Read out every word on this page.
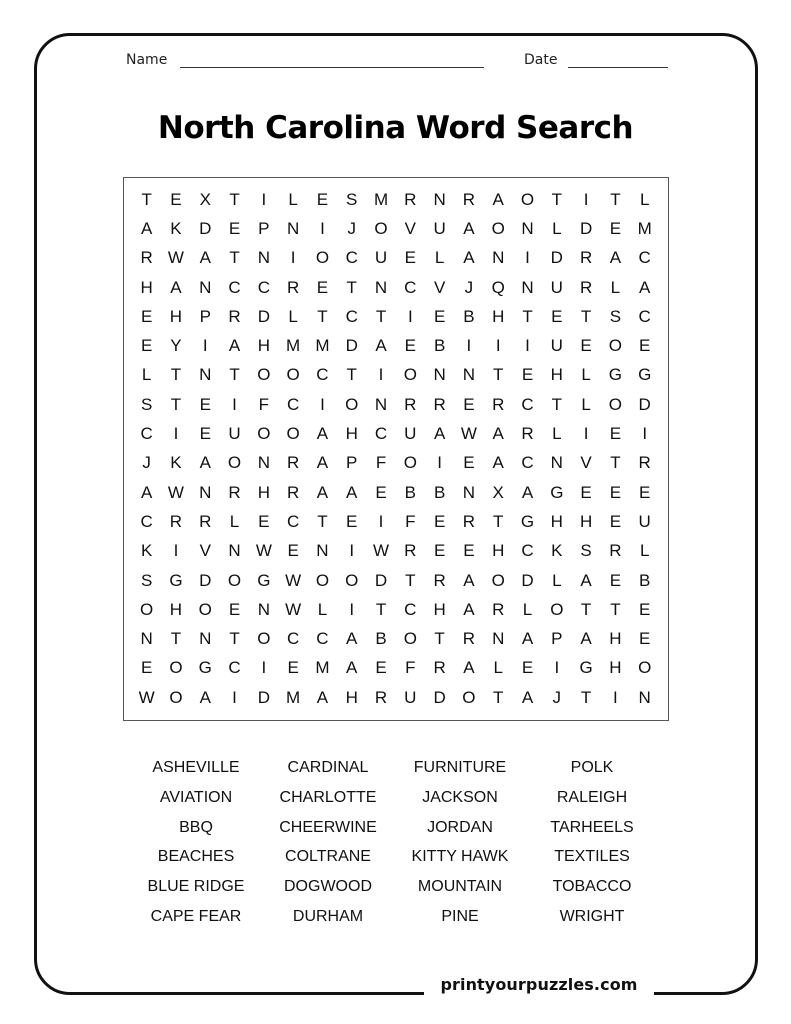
printyourpuzzles.com
Name	Date
North Carolina Word Search
T	E	X	T	I	L	E	S M R	N	R	A	O	T	I	T	L
A	K	D	E	P	N	I	J	O	V	U	A	O N	L	D	E M
R W A	T	N	I	O C	U	E	L	A	N	I	D	R	A	C
H	A	N	C	C	R	E	T	N	C	V	J	Q N	U	R	L	A
E	H	P	R	D	L	T	C	T	I	E	B	H	T	E	T	S	C
E	Y	I	A	H M M D	A	E	B	I	I	I	U	E	O	E
L	T	N	T	O O C	T	I	O N	N	T	E	H	L	G G
S	T	E	I	F	C	I	O N	R	R	E	R	C	T	L	O D
C	I	E	U O O	A	H	C	U	A W A	R	L	I	E	I
J	K	A	O N	R	A	P	F	O	I	E	A	C	N	V	T	R
A W N	R	H	R	A	A	E	B	B	N	X	A	G	E	E	E
C	R	R	L	E	C	T	E	I	F	E	R	T	G H	H	E	U
K	I	V	N W E	N	I	W R	E	E	H	C	K	S	R	L
S	G D O G W O O D	T	R	A	O D	L	A	E	B
O H O	E	N W L	I	T	C	H	A	R	L	O	T	T	E
N	T	N	T	O C	C	A	B	O	T	R	N	A	P	A	H	E
E	O G C	I	E M A	E	F	R	A	L	E	I	G H O
W O	A	I	D M A	H	R	U	D O	T	A	J	T	I	N
ASHEVILLE	CARDINAL	FURNITURE	POLK
AVIATION	CHARLOTTE	JACKSON	RALEIGH
BBQ	CHEERWINE	JORDAN	TARHEELS
BEACHES	COLTRANE	KITTY HAWK	TEXTILES
BLUE RIDGE	DOGWOOD	MOUNTAIN	TOBACCO
CAPE FEAR	DURHAM	PINE	WRIGHT
